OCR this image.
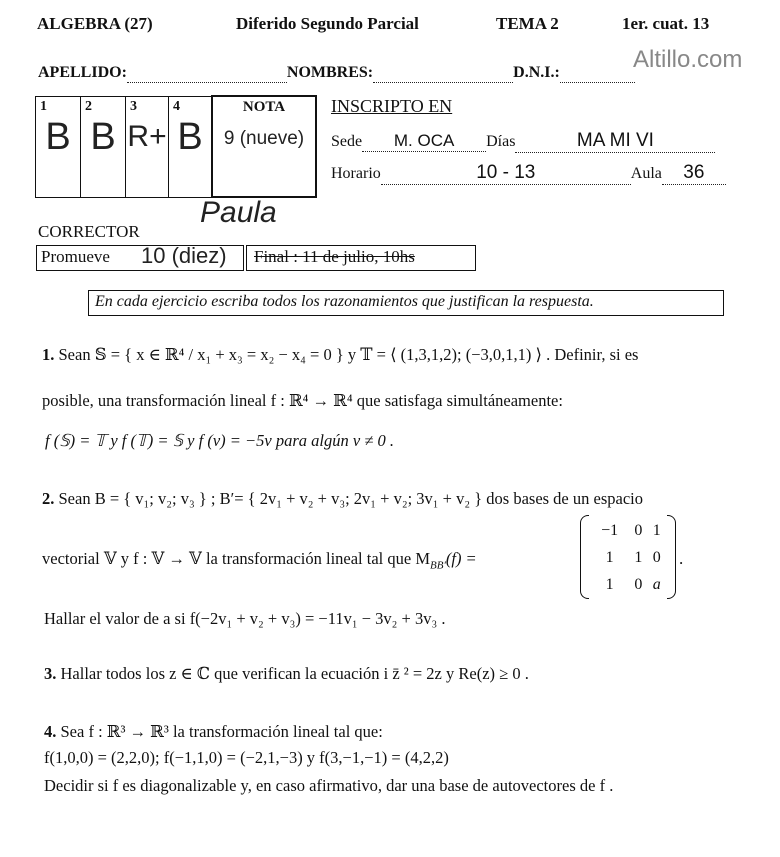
ALGEBRA (27)	Diferido Segundo Parcial	TEMA 2	1er. cuat. 13
Altillo.com
APELLIDO:	NOMBRES:	D.N.I.:
1
B

2
B

3
R+

4
B

NOTA
9 (nueve)
INSCRIPTO EN
Sede M. OCA Días	MA MI VI
Horario	10 - 13	Aula 36
CORRECTOR
Paula
Promueve 10 (diez) Final : 11 de julio, 10hs
En cada ejercicio escriba todos los razonamientos que justifican la respuesta.
1. Sean 𝕊 = { x ∈ ℝ⁴ / x₁ + x₃ = x₂ − x₄ = 0 } y 𝕋 = ⟨ (1,3,1,2); (−3,0,1,1) ⟩ . Definir, si es
posible, una transformación lineal f : ℝ⁴ → ℝ⁴ que satisfaga simultáneamente:
f (𝕊) = 𝕋 y f (𝕋) = 𝕊 y f (v) = −5v para algún v ≠ 0 .
2. Sean B = { v₁; v₂; v₃ } ; B′= { 2v₁ + v₂ + v₃; 2v₁ + v₂; 3v₁ + v₂ } dos bases de un espacio
vectorial 𝕍 y f : 𝕍 → 𝕍 la transformación lineal tal que $M_{BB'}(f)$ =
−1	0	1
1	1	0
1	0	a
.
Hallar el valor de a si f(−2v₁ + v₂ + v₃) = −11v₁ − 3v₂ + 3v₃ .
3. Hallar todos los z ∈ ℂ que verifican la ecuación i z̄ ² = 2z y Re(z) ≥ 0 .
4. Sea f : ℝ³ → ℝ³ la transformación lineal tal que:
f(1,0,0) = (2,2,0); f(−1,1,0) = (−2,1,−3) y f(3,−1,−1) = (4,2,2)
Decidir si f es diagonalizable y, en caso afirmativo, dar una base de autovectores de f .
